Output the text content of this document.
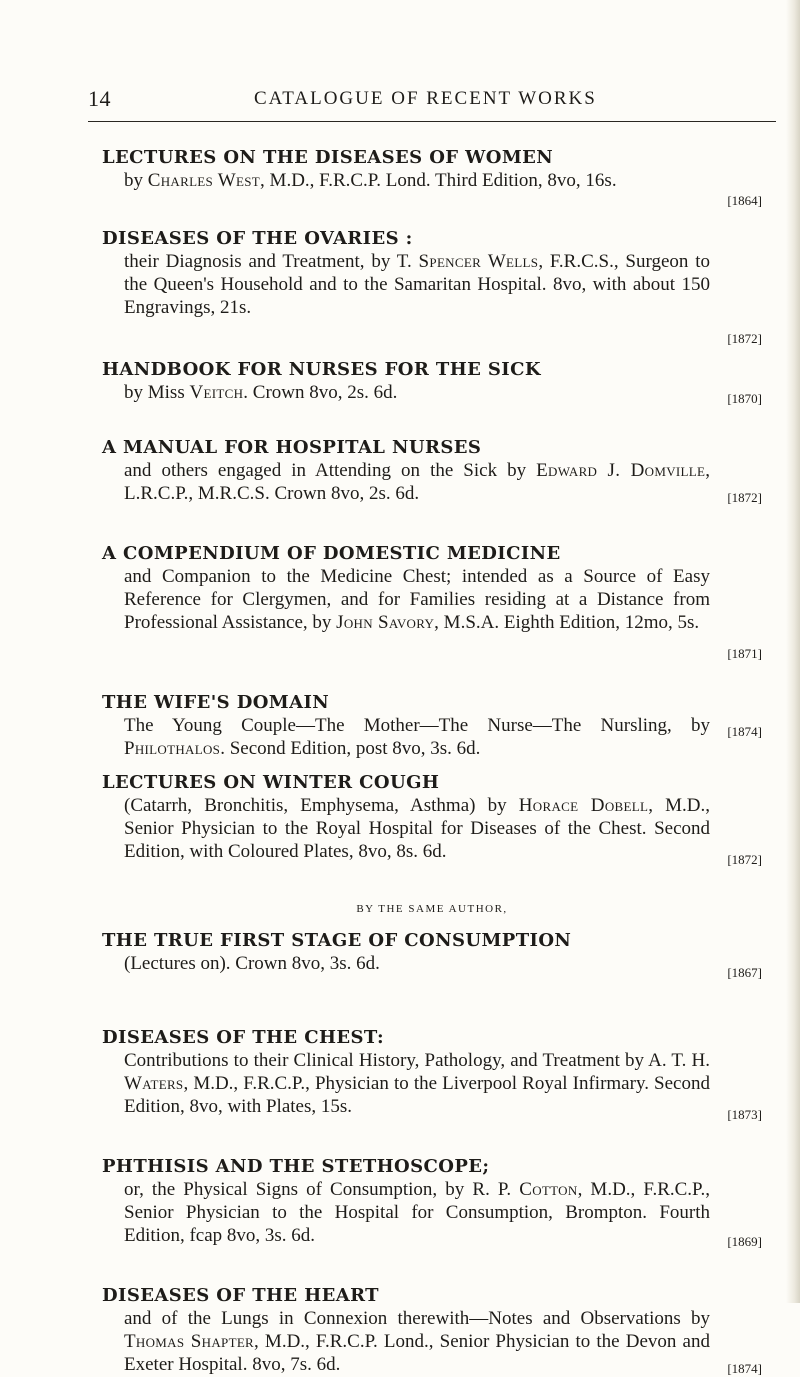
14	CATALOGUE OF RECENT WORKS
LECTURES ON THE DISEASES OF WOMEN
by Charles West, M.D., F.R.C.P. Lond. Third Edition, 8vo, 16s.
[1864]
DISEASES OF THE OVARIES :
their Diagnosis and Treatment, by T. Spencer Wells, F.R.C.S., Surgeon to the Queen's Household and to the Samaritan Hospital. 8vo, with about 150 Engravings, 21s.
[1872]
HANDBOOK FOR NURSES FOR THE SICK
by Miss Veitch. Crown 8vo, 2s. 6d.	[1870]
A MANUAL FOR HOSPITAL NURSES
and others engaged in Attending on the Sick by Edward J. Domville, L.R.C.P., M.R.C.S. Crown 8vo, 2s. 6d.	[1872]
A COMPENDIUM OF DOMESTIC MEDICINE
and Companion to the Medicine Chest; intended as a Source of Easy Reference for Clergymen, and for Families residing at a Distance from Professional Assistance, by John Savory, M.S.A. Eighth Edition, 12mo, 5s.
[1871]
THE WIFE'S DOMAIN
The Young Couple—The Mother—The Nurse—The Nursling, by Philothalos. Second Edition, post 8vo, 3s. 6d.
[1874]
LECTURES ON WINTER COUGH
(Catarrh, Bronchitis, Emphysema, Asthma) by Horace Dobell, M.D., Senior Physician to the Royal Hospital for Diseases of the Chest. Second Edition, with Coloured Plates, 8vo, 8s. 6d.	[1872]
BY THE SAME AUTHOR,
THE TRUE FIRST STAGE OF CONSUMPTION
(Lectures on). Crown 8vo, 3s. 6d.	[1867]
DISEASES OF THE CHEST:
Contributions to their Clinical History, Pathology, and Treatment by A. T. H. Waters, M.D., F.R.C.P., Physician to the Liverpool Royal Infirmary. Second Edition, 8vo, with Plates, 15s.	[1873]
PHTHISIS AND THE STETHOSCOPE;
or, the Physical Signs of Consumption, by R. P. Cotton, M.D., F.R.C.P., Senior Physician to the Hospital for Consumption, Brompton. Fourth Edition, fcap 8vo, 3s. 6d.	[1869]
DISEASES OF THE HEART
and of the Lungs in Connexion therewith—Notes and Observations by Thomas Shapter, M.D., F.R.C.P. Lond., Senior Physician to the Devon and Exeter Hospital. 8vo, 7s. 6d.	[1874]
